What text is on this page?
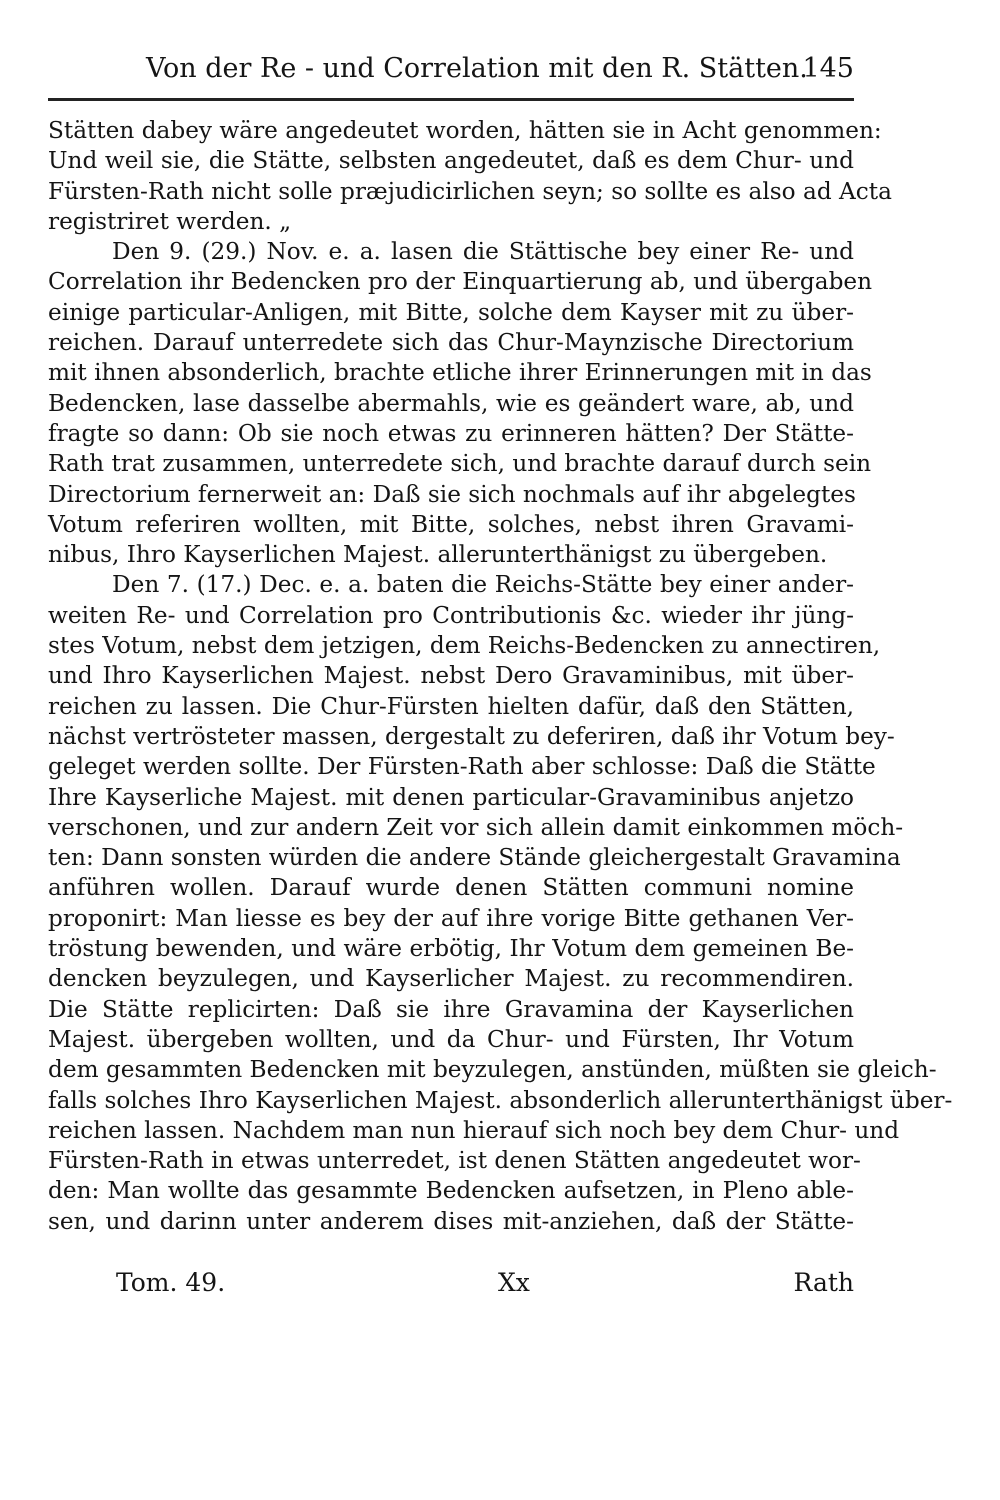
Von der Re - und Correlation mit den R. Stätten.
145
Stätten dabey wäre angedeutet worden, hätten sie in Acht genommen:
Und weil sie, die Stätte, selbsten angedeutet, daß es dem Chur- und
Fürsten-Rath nicht solle præjudicirlichen seyn; so sollte es also ad Acta
registriret werden. „
Den 9. (29.) Nov. e. a. lasen die Stättische bey einer Re- und
Correlation ihr Bedencken pro der Einquartierung ab, und übergaben
einige particular-Anligen, mit Bitte, solche dem Kayser mit zu über-
reichen. Darauf unterredete sich das Chur-Maynzische Directorium
mit ihnen absonderlich, brachte etliche ihrer Erinnerungen mit in das
Bedencken, lase dasselbe abermahls, wie es geändert ware, ab, und
fragte so dann: Ob sie noch etwas zu erinneren hätten? Der Stätte-
Rath trat zusammen, unterredete sich, und brachte darauf durch sein
Directorium fernerweit an: Daß sie sich nochmals auf ihr abgelegtes
Votum referiren wollten, mit Bitte, solches, nebst ihren Gravami-
nibus, Ihro Kayserlichen Majest. allerunterthänigst zu übergeben.
Den 7. (17.) Dec. e. a. baten die Reichs-Stätte bey einer ander-
weiten Re- und Correlation pro Contributionis &c. wieder ihr jüng-
stes Votum, nebst dem jetzigen, dem Reichs-Bedencken zu annectiren,
und Ihro Kayserlichen Majest. nebst Dero Gravaminibus, mit über-
reichen zu lassen. Die Chur-Fürsten hielten dafür, daß den Stätten,
nächst vertrösteter massen, dergestalt zu deferiren, daß ihr Votum bey-
geleget werden sollte. Der Fürsten-Rath aber schlosse: Daß die Stätte
Ihre Kayserliche Majest. mit denen particular-Gravaminibus anjetzo
verschonen, und zur andern Zeit vor sich allein damit einkommen möch-
ten: Dann sonsten würden die andere Stände gleichergestalt Gravamina
anführen wollen. Darauf wurde denen Stätten communi nomine
proponirt: Man liesse es bey der auf ihre vorige Bitte gethanen Ver-
tröstung bewenden, und wäre erbötig, Ihr Votum dem gemeinen Be-
dencken beyzulegen, und Kayserlicher Majest. zu recommendiren.
Die Stätte replicirten: Daß sie ihre Gravamina der Kayserlichen
Majest. übergeben wollten, und da Chur- und Fürsten, Ihr Votum
dem gesammten Bedencken mit beyzulegen, anstünden, müßten sie gleich-
falls solches Ihro Kayserlichen Majest. absonderlich allerunterthänigst über-
reichen lassen. Nachdem man nun hierauf sich noch bey dem Chur- und
Fürsten-Rath in etwas unterredet, ist denen Stätten angedeutet wor-
den: Man wollte das gesammte Bedencken aufsetzen, in Pleno able-
sen, und darinn unter anderem dises mit-anziehen, daß der Stätte-
Tom. 49.	Xx	Rath
